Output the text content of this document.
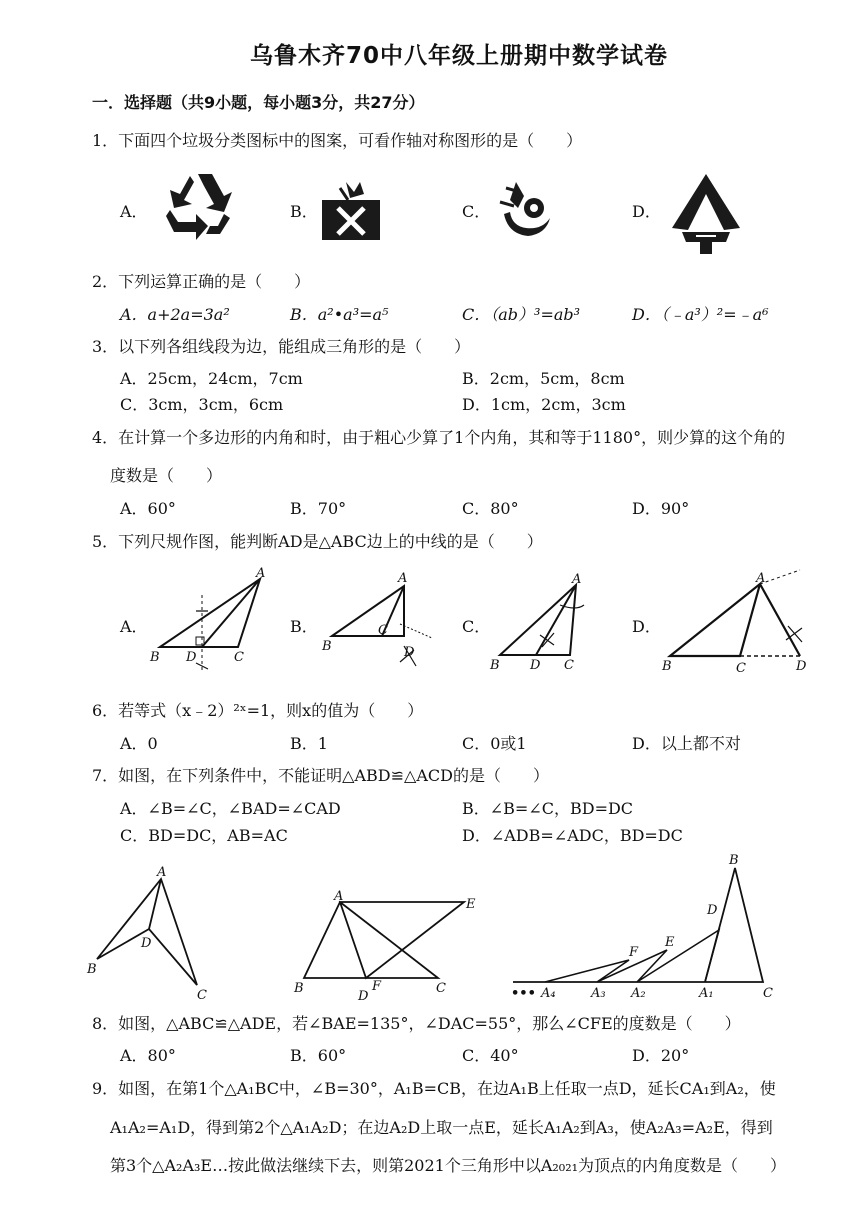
乌鲁木齐70中八年级上册期中数学试卷
一．选择题（共9小题，每小题3分，共27分）
1．下面四个垃圾分类图标中的图案，可看作轴对称图形的是（　　）
A．	B．	C．	D．
2．下列运算正确的是（　　）
A．a+2a=3a²	B．a²•a³=a⁵	C．（ab）³=ab³	D．（﹣a³）²=﹣a⁶
3．以下列各组线段为边，能组成三角形的是（　　）
A．25cm，24cm，7cm	B．2cm，5cm，8cm
C．3cm，3cm，6cm	D．1cm，2cm，3cm
4．在计算一个多边形的内角和时，由于粗心少算了1个内角，其和等于1180°，则少算的这个角的
度数是（　　）
A．60°	B．70°	C．80°	D．90°
5．下列尺规作图，能判断AD是△ABC边上的中线的是（　　）
A．	B．	C．	D．
A
B D	C
A
B
C
D
A
B D C
A
B	C	D
6．若等式（x﹣2）²ˣ=1，则x的值为（　　）
A．0	B．1	C．0或1	D．以上都不对
7．如图，在下列条件中，不能证明△ABD≌△ACD的是（　　）
A．∠B=∠C，∠BAD=∠CAD	B．∠B=∠C，BD=DC
C．BD=DC，AB=AC	D．∠ADB=∠ADC，BD=DC
A
B
D
C
A
E
B
D
F	C
B
D
E
F
••• A₄	A₃ A₂	A₁	C
8．如图，△ABC≌△ADE，若∠BAE=135°，∠DAC=55°，那么∠CFE的度数是（　　）
A．80°	B．60°	C．40°	D．20°
9．如图，在第1个△A₁BC中，∠B=30°，A₁B=CB，在边A₁B上任取一点D，延长CA₁到A₂，使
A₁A₂=A₁D，得到第2个△A₁A₂D；在边A₂D上取一点E，延长A₁A₂到A₃，使A₂A₃=A₂E，得到
第3个△A₂A₃E…按此做法继续下去，则第2021个三角形中以A₂₀₂₁为顶点的内角度数是（　　）
